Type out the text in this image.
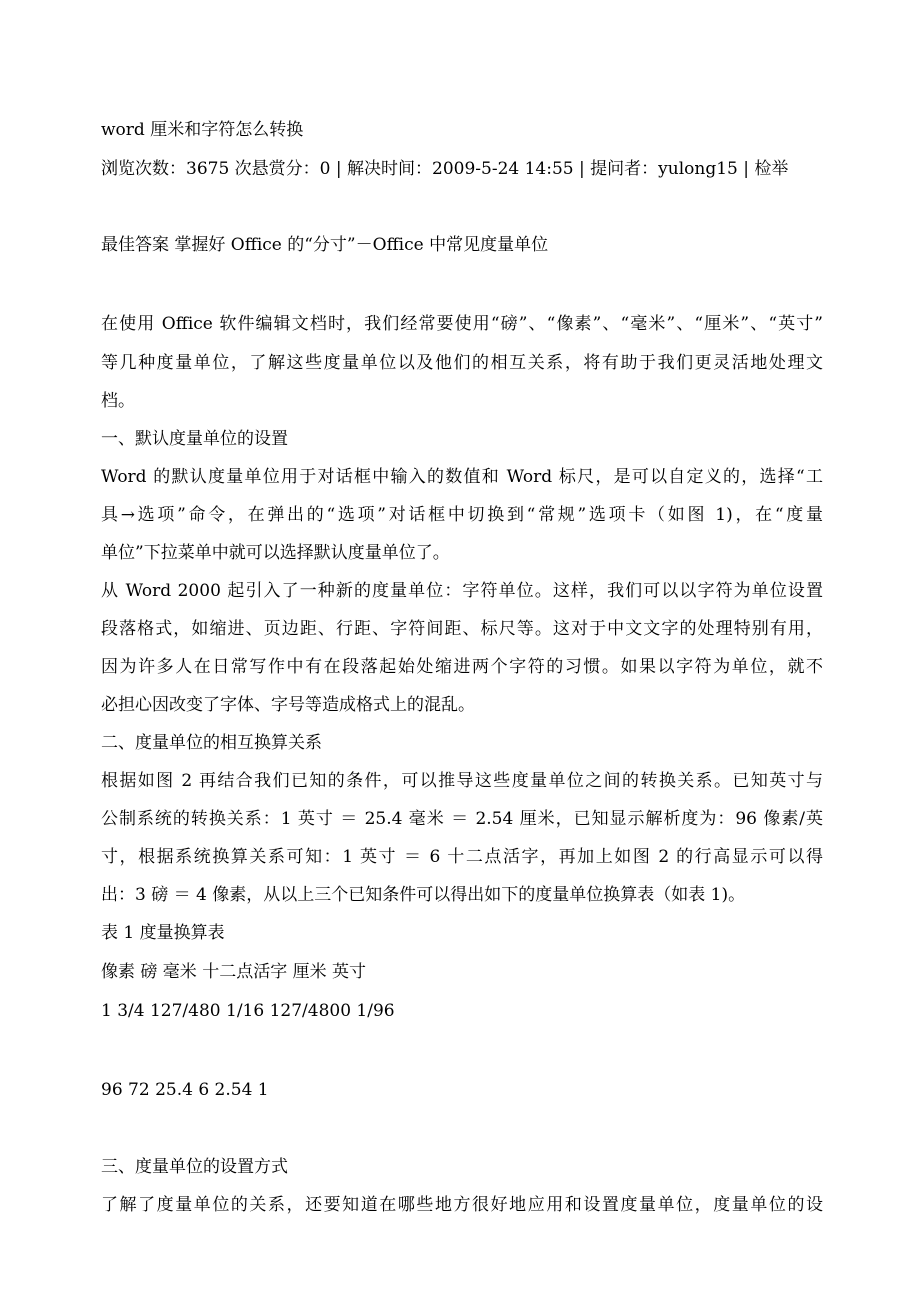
word 厘米和字符怎么转换

浏览次数：3675 次悬赏分：0 | 解决时间：2009-5-24 14:55 | 提问者：yulong15 | 检举

最佳答案 掌握好 Office 的“分寸”－Office 中常见度量单位

在使用 Office 软件编辑文档时，我们经常要使用“磅”、“像素”、“毫米”、“厘米”、“英寸”

等几种度量单位，了解这些度量单位以及他们的相互关系，将有助于我们更灵活地处理文

档。

一、默认度量单位的设置

Word 的默认度量单位用于对话框中输入的数值和 Word 标尺，是可以自定义的，选择“工

具→选项”命令，在弹出的“选项”对话框中切换到“常规”选项卡（如图 1)，在“度量

单位”下拉菜单中就可以选择默认度量单位了。

从 Word 2000 起引入了一种新的度量单位：字符单位。这样，我们可以以字符为单位设置

段落格式，如缩进、页边距、行距、字符间距、标尺等。这对于中文文字的处理特别有用，

因为许多人在日常写作中有在段落起始处缩进两个字符的习惯。如果以字符为单位，就不

必担心因改变了字体、字号等造成格式上的混乱。

二、度量单位的相互换算关系

根据如图 2 再结合我们已知的条件，可以推导这些度量单位之间的转换关系。已知英寸与

公制系统的转换关系：1 英寸 ＝ 25.4 毫米 ＝ 2.54 厘米，已知显示解析度为：96 像素/英

寸，根据系统换算关系可知：1 英寸 ＝ 6 十二点活字，再加上如图 2 的行高显示可以得

出：3 磅 ＝ 4 像素，从以上三个已知条件可以得出如下的度量单位换算表（如表 1)。

表 1 度量换算表

像素 磅 毫米 十二点活字 厘米 英寸

1 3/4 127/480 1/16 127/4800 1/96

96 72 25.4 6 2.54 1

三、度量单位的设置方式

了解了度量单位的关系，还要知道在哪些地方很好地应用和设置度量单位，度量单位的设
